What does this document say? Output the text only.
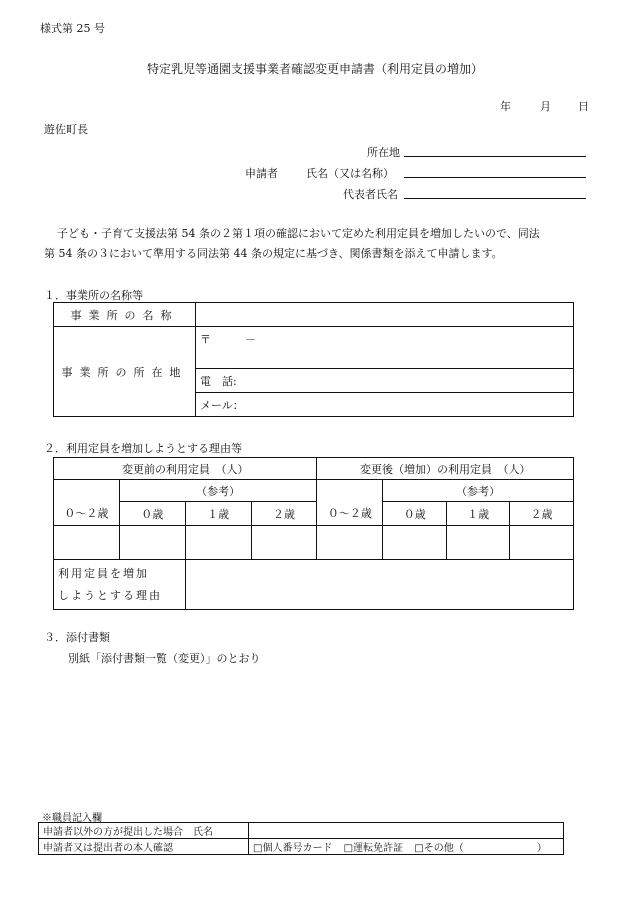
様式第 25 号
特定乳児等通園支援事業者確認変更申請書（利用定員の増加）
年	月 日
遊佐町長
所在地
申請者	氏名（又は名称）
代表者氏名
子ども・子育て支援法第 54 条の２第１項の確認において定めた利用定員を増加したいので、同法
第 54 条の３において準用する同法第 44 条の規定に基づき、関係書類を添えて申請します。
１．事業所の名称等
事業所の名称	
事業所の所在地	〒 －
	電　話:
	メール：
２．利用定員を増加しようとする理由等
変更前の利用定員　（人）				変更後（増加）の利用定員　（人）			
	（参考）				（参考）		
０～２歳	０歳	１歳	２歳	０～２歳	０歳	１歳	２歳

利用定員を増加
しようとする理由							

３．添付書類
別紙「添付書類一覧（変更）」のとおり
※職員記入欄
申請者以外の方が提出した場合　氏名	
申請者又は提出者の本人確認	□個人番号カード □運転免許証 □その他（ ）
